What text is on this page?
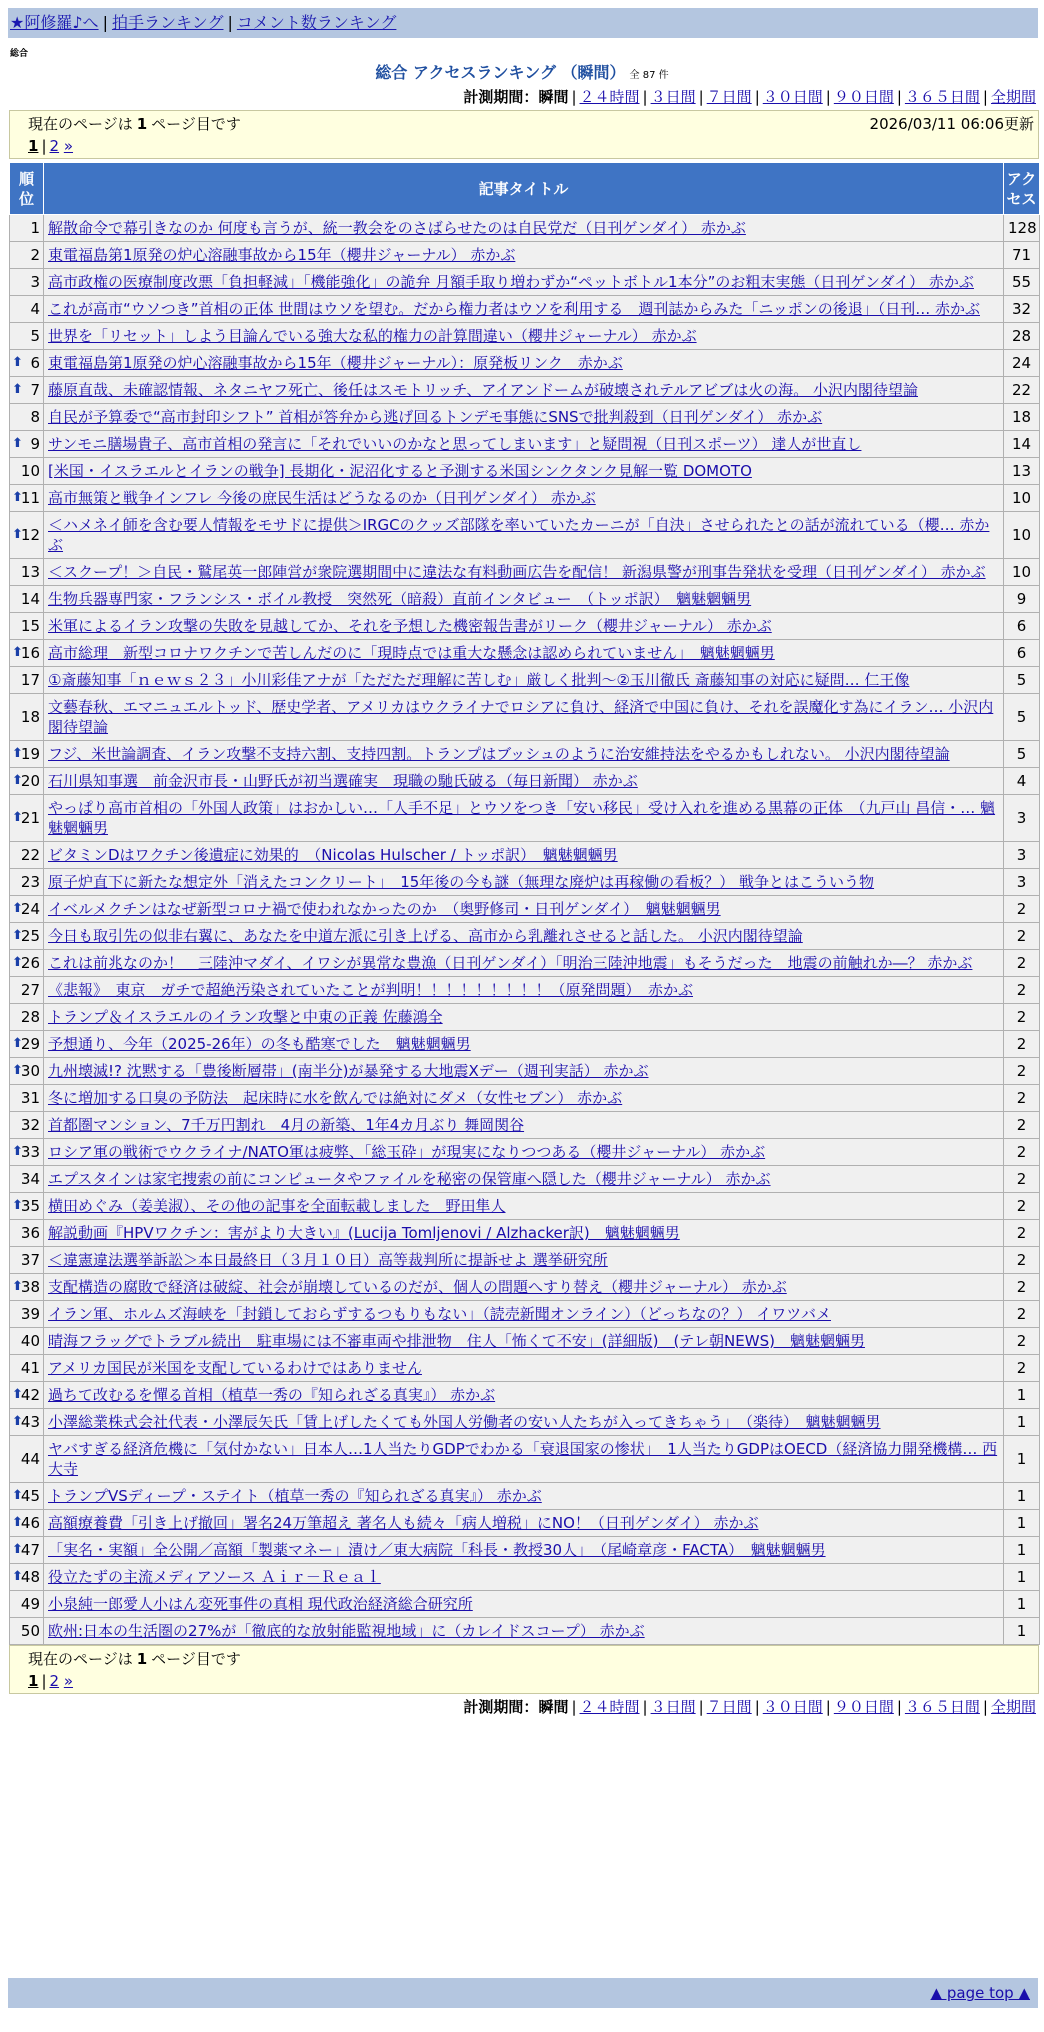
★阿修羅♪へ | 拍手ランキング | コメント数ランキング
総合
総合 アクセスランキング （瞬間） 全 87 件
計測期間：瞬間 | ２４時間 | ３日間 | ７日間 | ３０日間 | ９０日間 | ３６５日間 | 全期間
現在のページは 1 ページ目です	2026/03/11 06:06更新
1 | 2 »
順位	記事タイトル	アクセス
1	解散命令で幕引きなのか 何度も言うが、統一教会をのさばらせたのは自民党だ（日刊ゲンダイ） 赤かぶ	128
2	東電福島第1原発の炉心溶融事故から15年（櫻井ジャーナル） 赤かぶ	71
3	高市政権の医療制度改悪「負担軽減」「機能強化」の詭弁 月額手取り増わずか“ペットボトル1本分”のお粗末実態（日刊ゲンダイ） 赤かぶ	55
4	これが高市“ウソつき”首相の正体 世間はウソを望む。だから権力者はウソを利用する　週刊誌からみた「ニッポンの後退」（日刊… 赤かぶ	32
5	世界を「リセット」しよう目論んでいる強大な私的権力の計算間違い（櫻井ジャーナル） 赤かぶ	28

⬆ 6	東電福島第1原発の炉心溶融事故から15年（櫻井ジャーナル）：原発板リンク　赤かぶ	24

⬆ 7	藤原直哉、未確認情報、ネタニヤフ死亡、後任はスモトリッチ、アイアンドームが破壊されテルアビブは火の海。 小沢内閣待望論	22
8	自民が予算委で“高市封印シフト” 首相が答弁から逃げ回るトンデモ事態にSNSで批判殺到（日刊ゲンダイ） 赤かぶ	18

⬆ 9	サンモニ膳場貴子、高市首相の発言に「それでいいのかなと思ってしまいます」と疑問視（日刊スポーツ） 達人が世直し	14
10	[米国・イスラエルとイランの戦争] 長期化・泥沼化すると予測する米国シンクタンク見解一覧 DOMOTO	13

⬆
11	高市無策と戦争インフレ 今後の庶民生活はどうなるのか（日刊ゲンダイ） 赤かぶ	10

⬆
12	＜ハメネイ師を含む要人情報をモサドに提供＞IRGCのクッズ部隊を率いていたカーニが「自決」させられたとの話が流れている（櫻… 赤かぶ	10
13	＜スクープ！＞自民・鷲尾英一郎陣営が衆院選期間中に違法な有料動画広告を配信！ 新潟県警が刑事告発状を受理（日刊ゲンダイ） 赤かぶ	10
14	生物兵器専門家・フランシス・ボイル教授　突然死（暗殺）直前インタビュー　（トッポ訳）　魑魅魍魎男	9
15	米軍によるイラン攻撃の失敗を見越してか、それを予想した機密報告書がリーク（櫻井ジャーナル） 赤かぶ	6

⬆
16	高市総理　新型コロナワクチンで苦しんだのに「現時点では重大な懸念は認められていません」　魑魅魍魎男	6
17	①斎藤知事「ｎｅｗｓ２３」小川彩佳アナが「ただただ理解に苦しむ」厳しく批判〜②玉川徹氏 斎藤知事の対応に疑問… 仁王像	5
18	文藝春秋、エマニュエルトッド、歴史学者、アメリカはウクライナでロシアに負け、経済で中国に負け、それを誤魔化す為にイラン… 小沢内閣待望論	5

⬆
19	フジ、米世論調査、イラン攻撃不支持六割、支持四割。トランプはブッシュのように治安維持法をやるかもしれない。 小沢内閣待望論	5

⬆
20	石川県知事選　前金沢市長・山野氏が初当選確実　現職の馳氏破る（毎日新聞） 赤かぶ	4

⬆
21	やっぱり高市首相の「外国人政策」はおかしい…「人手不足」とウソをつき「安い移民」受け入れを進める黒幕の正体　（九戸山 昌信・… 魑魅魍魎男	3
22	ビタミンDはワクチン後遺症に効果的　（Nicolas Hulscher / トッポ訳）　魑魅魍魎男	3
23	原子炉直下に新たな想定外「消えたコンクリート」　15年後の今も謎（無理な廃炉は再稼働の看板？） 戦争とはこういう物	3

⬆
24	イベルメクチンはなぜ新型コロナ禍で使われなかったのか　（奥野修司・日刊ゲンダイ）　魑魅魍魎男	2

⬆
25	今日も取引先の似非右翼に、あなたを中道左派に引き上げる、高市から乳離れさせると話した。 小沢内閣待望論	2

⬆
26	これは前兆なのか！　三陸沖マダイ、イワシが異常な豊漁（日刊ゲンダイ）「明治三陸沖地震」もそうだった　地震の前触れか―？ 赤かぶ	2
27	《悲報》　東京　ガチで超絶汚染されていたことが判明！！！！！！！！！（原発問題）　赤かぶ	2
28	トランプ＆イスラエルのイラン攻撃と中東の正義 佐藤鴻全	2

⬆
29	予想通り、今年（2025-26年）の冬も酷寒でした　魑魅魍魎男	2

⬆
30	九州壊滅!? 沈黙する「豊後断層帯」(南半分)が暴発する大地震Xデー（週刊実話） 赤かぶ	2
31	冬に増加する口臭の予防法　起床時に水を飲んでは絶対にダメ（女性セブン） 赤かぶ	2
32	首都圏マンション、7千万円割れ　4月の新築、1年4カ月ぶり 舞岡関谷	2

⬆
33	ロシア軍の戦術でウクライナ/NATO軍は疲弊、「総玉砕」が現実になりつつある（櫻井ジャーナル） 赤かぶ	2
34	エプスタインは家宅捜索の前にコンピュータやファイルを秘密の保管庫へ隠した（櫻井ジャーナル） 赤かぶ	2

⬆
35	横田めぐみ（姜美淑）、その他の記事を全面転載しました　野田隼人	2
36	解説動画『HPVワクチン：害がより大きい』(Lucija Tomljenovi / Alzhacker訳)　魑魅魍魎男	2
37	＜違憲違法選挙訴訟＞本日最終日（３月１０日）高等裁判所に提訴せよ 選挙研究所	2

⬆
38	支配構造の腐敗で経済は破綻、社会が崩壊しているのだが、個人の問題へすり替え（櫻井ジャーナル） 赤かぶ	2
39	イラン軍、ホルムズ海峡を「封鎖しておらずするつもりもない」（読売新聞オンライン）（どっちなの？） イワツバメ	2
40	晴海フラッグでトラブル続出　駐車場には不審車両や排泄物　住人「怖くて不安」(詳細版)　(テレ朝NEWS)　魑魅魍魎男	2
41	アメリカ国民が米国を支配しているわけではありません	2

⬆
42	過ちて改むるを憚る首相（植草一秀の『知られざる真実』） 赤かぶ	1

⬆
43	小澤総業株式会社代表・小澤辰矢氏「賃上げしたくても外国人労働者の安い人たちが入ってきちゃう」　（楽待）　魑魅魍魎男	1
44	ヤバすぎる経済危機に「気付かない」日本人…1人当たりGDPでわかる「衰退国家の惨状」　1人当たりGDPはOECD（経済協力開発機構… 西大寺	1

⬆
45	トランプVSディープ・ステイト（植草一秀の『知られざる真実』） 赤かぶ	1

⬆
46	高額療養費「引き上げ撤回」署名24万筆超え 著名人も続々「病人増税」にNO！（日刊ゲンダイ） 赤かぶ	1

⬆
47	「実名・実額」全公開／高額「製薬マネー」漬け／東大病院「科長・教授30人」　（尾崎章彦・FACTA）　魑魅魍魎男	1

⬆
48	役立たずの主流メディアソース Ａｉｒ－Ｒｅａｌ	1
49	小泉純一郎愛人小はん変死事件の真相 現代政治経済総合研究所	1
50	欧州:日本の生活圏の27%が「徹底的な放射能監視地域」に（カレイドスコープ） 赤かぶ	1
現在のページは 1 ページ目です
1 | 2 »
計測期間：瞬間 | ２４時間 | ３日間 | ７日間 | ３０日間 | ９０日間 | ３６５日間 | 全期間
▲ page top ▲
